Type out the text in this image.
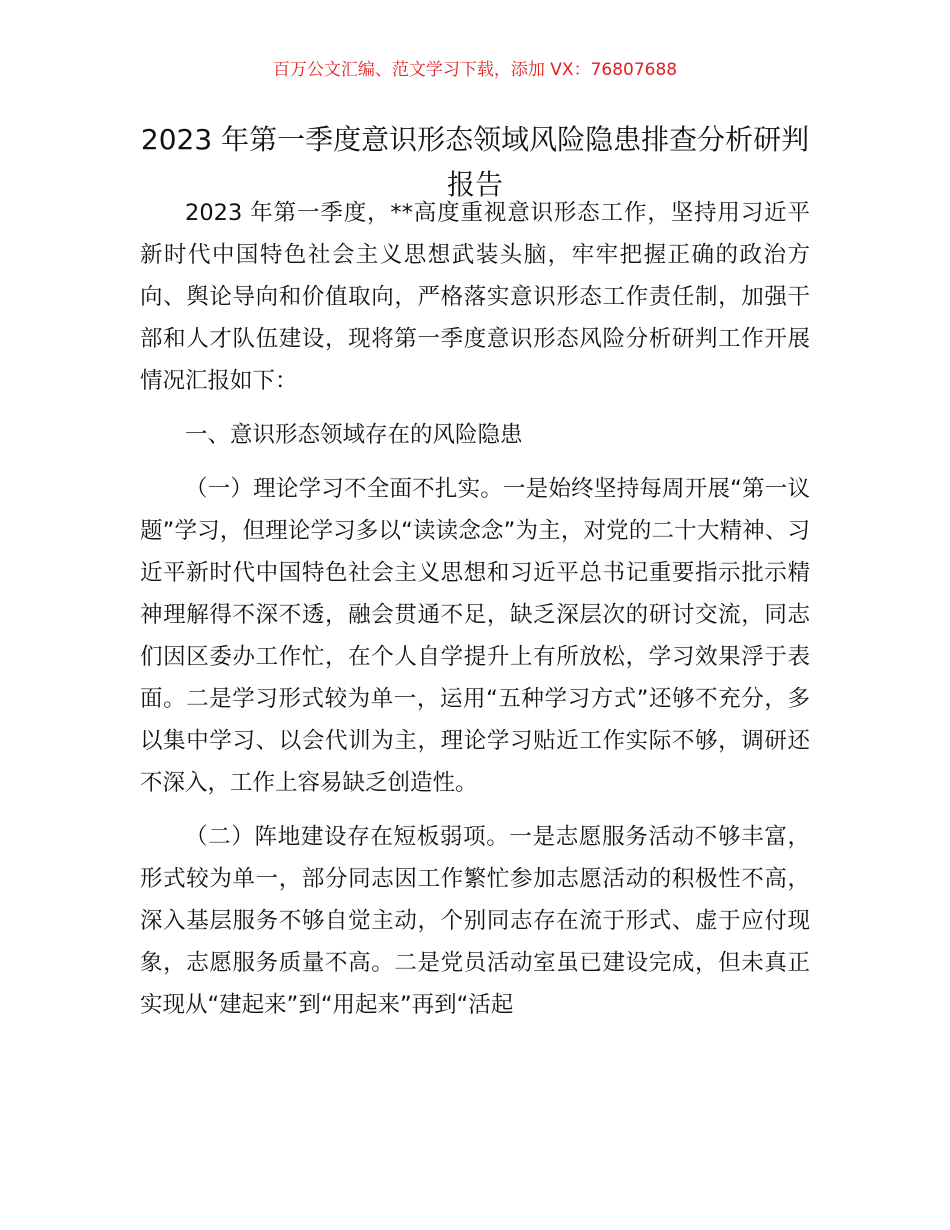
百万公文汇编、范文学习下载，添加 VX：76807688
2023 年第一季度意识形态领域风险隐患排查分析研判报告

2023 年第一季度，**高度重视意识形态工作，坚持用习近平新时代中国特色社会主义思想武装头脑，牢牢把握正确的政治方向、舆论导向和价值取向，严格落实意识形态工作责任制，加强干部和人才队伍建设，现将第一季度意识形态风险分析研判工作开展情况汇报如下：

一、意识形态领域存在的风险隐患

（一）理论学习不全面不扎实。一是始终坚持每周开展“第一议题”学习，但理论学习多以“读读念念”为主，对党的二十大精神、习近平新时代中国特色社会主义思想和习近平总书记重要指示批示精神理解得不深不透，融会贯通不足，缺乏深层次的研讨交流，同志们因区委办工作忙，在个人自学提升上有所放松，学习效果浮于表面。二是学习形式较为单一，运用“五种学习方式”还够不充分，多以集中学习、以会代训为主，理论学习贴近工作实际不够，调研还不深入，工作上容易缺乏创造性。

（二）阵地建设存在短板弱项。一是志愿服务活动不够丰富，形式较为单一，部分同志因工作繁忙参加志愿活动的积极性不高，深入基层服务不够自觉主动，个别同志存在流于形式、虚于应付现象，志愿服务质量不高。二是党员活动室虽已建设完成，但未真正实现从“建起来”到“用起来”再到“活起
